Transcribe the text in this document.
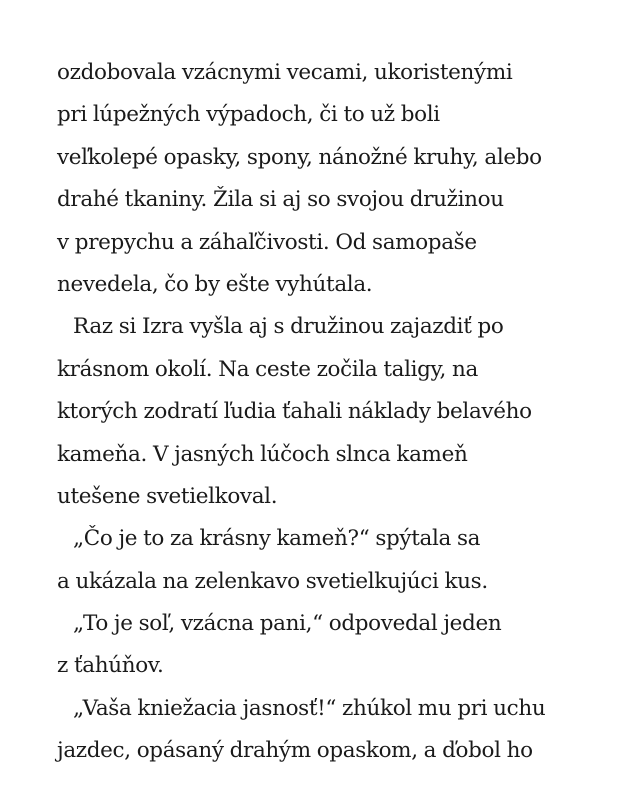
ozdobovala vzácnymi vecami, ukoristenými
pri lúpežných výpadoch, či to už boli
veľkolepé opasky, spony, nánožné kruhy, alebo
drahé tkaniny. Žila si aj so svojou družinou
v prepychu a záhaľčivosti. Od samopaše
nevedela, čo by ešte vyhútala.
Raz si Izra vyšla aj s družinou zajazdiť po
krásnom okolí. Na ceste zočila taligy, na
ktorých zodratí ľudia ťahali náklady belavého
kameňa. V jasných lúčoch slnca kameň
utešene svetielkoval.
„Čo je to za krásny kameň?“ spýtala sa
a ukázala na zelenkavo svetielkujúci kus.
„To je soľ, vzácna pani,“ odpovedal jeden
z ťahúňov.
„Vaša kniežacia jasnosť!“ zhúkol mu pri uchu
jazdec, opásaný drahým opaskom, a ďobol ho
